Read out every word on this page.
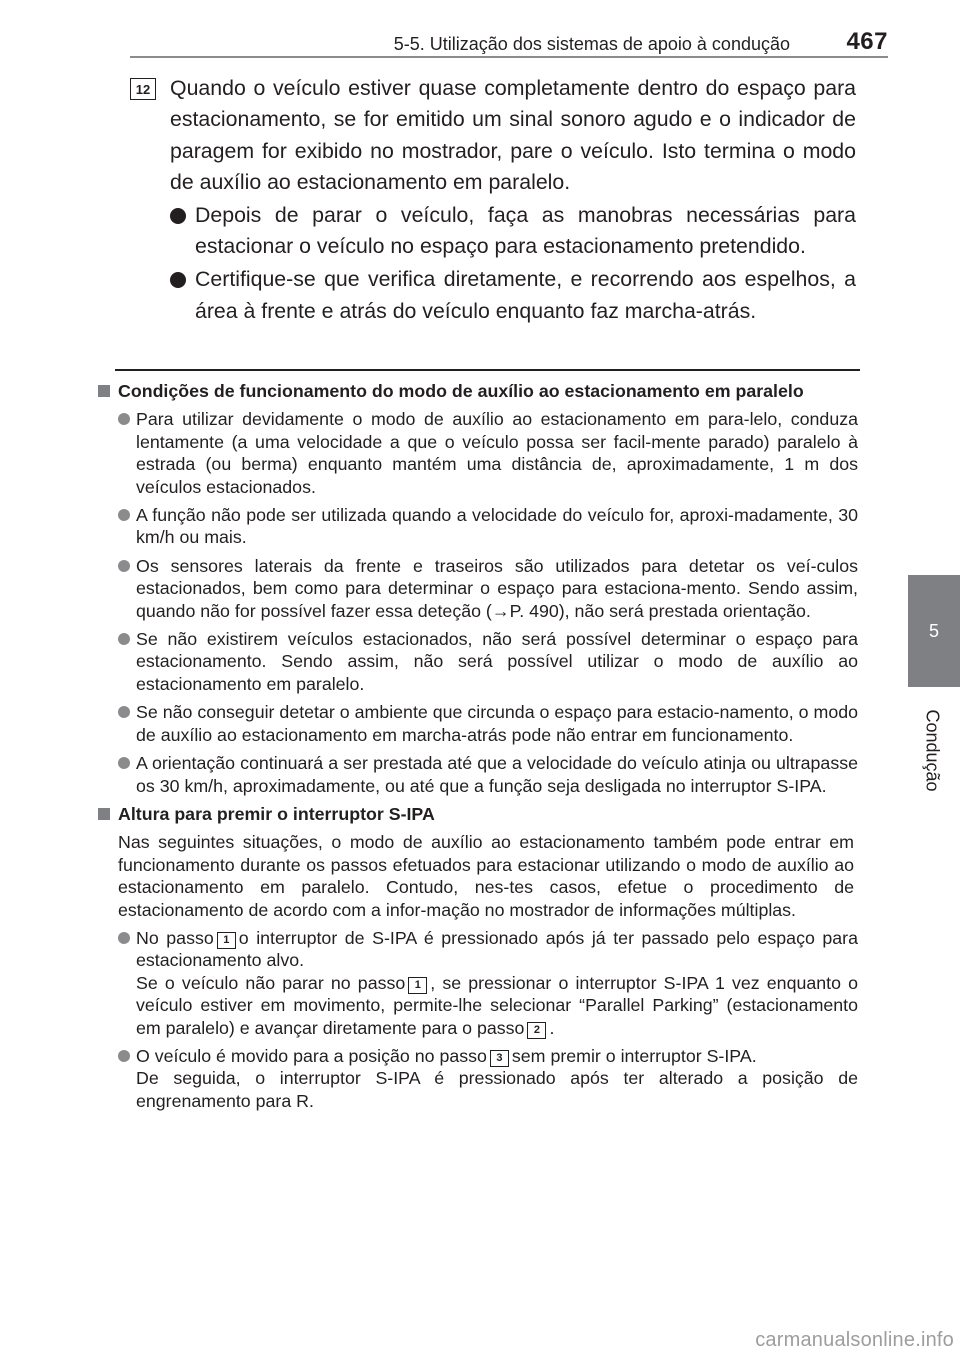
5-5. Utilização dos sistemas de apoio à condução 467
5
Condução
12 Quando o veículo estiver quase completamente dentro do espaço para estacionamento, se for emitido um sinal sonoro agudo e o indicador de paragem for exibido no mostrador, pare o veículo. Isto termina o modo de auxílio ao estacionamento em paralelo.

Depois de parar o veículo, faça as manobras necessárias para estacionar o veículo no espaço para estacionamento pretendido.
Certifique-se que verifica diretamente, e recorrendo aos espelhos, a área à frente e atrás do veículo enquanto faz marcha-atrás.
Condições de funcionamento do modo de auxílio ao estacionamento em paralelo
Para utilizar devidamente o modo de auxílio ao estacionamento em para-lelo, conduza lentamente (a uma velocidade a que o veículo possa ser facil-mente parado) paralelo à estrada (ou berma) enquanto mantém uma distância de, aproximadamente, 1 m dos veículos estacionados.
A função não pode ser utilizada quando a velocidade do veículo for, aproxi-madamente, 30 km/h ou mais.
Os sensores laterais da frente e traseiros são utilizados para detetar os veí-culos estacionados, bem como para determinar o espaço para estaciona-mento. Sendo assim, quando não for possível fazer essa deteção (→P. 490), não será prestada orientação.
Se não existirem veículos estacionados, não será possível determinar o espaço para estacionamento. Sendo assim, não será possível utilizar o modo de auxílio ao estacionamento em paralelo.
Se não conseguir detetar o ambiente que circunda o espaço para estacio-namento, o modo de auxílio ao estacionamento em marcha-atrás pode não entrar em funcionamento.
A orientação continuará a ser prestada até que a velocidade do veículo atinja ou ultrapasse os 30 km/h, aproximadamente, ou até que a função seja desligada no interruptor S-IPA.
Altura para premir o interruptor S-IPA
Nas seguintes situações, o modo de auxílio ao estacionamento também pode entrar em funcionamento durante os passos efetuados para estacionar utilizando o modo de auxílio ao estacionamento em paralelo. Contudo, nes-tes casos, efetue o procedimento de estacionamento de acordo com a infor-mação no mostrador de informações múltiplas.
No passo 1 o interruptor de S-IPA é pressionado após já ter passado pelo espaço para estacionamento alvo.
Se o veículo não parar no passo 1 , se pressionar o interruptor S-IPA 1 vez enquanto o veículo estiver em movimento, permite-lhe selecionar “Parallel Parking” (estacionamento em paralelo) e avançar diretamente para o passo 2 .
O veículo é movido para a posição no passo 3 sem premir o interruptor S-IPA.
De seguida, o interruptor S-IPA é pressionado após ter alterado a posição de engrenamento para R.
carmanualsonline.info
